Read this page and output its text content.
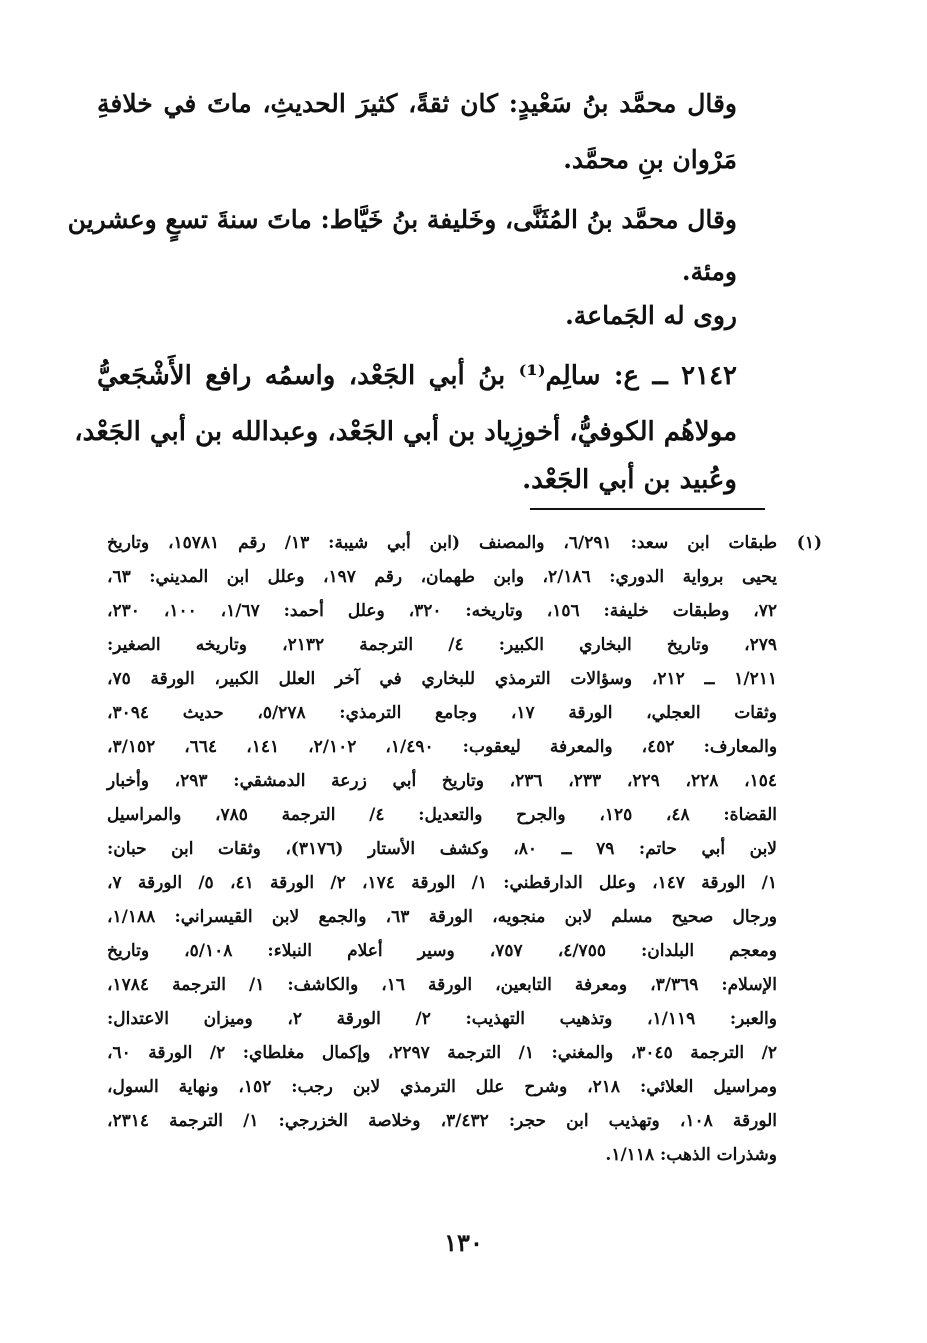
وقال محمَّد بنُ سَعْيدٍ: كان ثقةً، كثيرَ الحديثِ، ماتَ في خلافةِ
مَرْوان بنِ محمَّد.
وقال محمَّد بنُ المُثَنَّى، وخَليفة بنُ خَيَّاط: ماتَ سنةَ تسعٍ وعشرين
ومئة.
روى له الجَماعة.
٢١٤٢ ــ ع: سالِم⁽¹⁾ بنُ أبي الجَعْد، واسمُه رافع الأَشْجَعيُّ
مولاهُم الكوفيُّ، أخوزِياد بن أبي الجَعْد، وعبدالله بن أبي الجَعْد،
وعُبيد بن أبي الجَعْد.
(١)
طبقات ابن سعد: ٦/٢٩١، والمصنف (ابن أبي شيبة: ١٣/ رقم ١٥٧٨١، وتاريخ
يحيى برواية الدوري: ٢/١٨٦، وابن طهمان، رقم ١٩٧، وعلل ابن المديني: ٦٣،
٧٢، وطبقات خليفة: ١٥٦، وتاريخه: ٣٢٠، وعلل أحمد: ١/٦٧، ١٠٠، ٢٣٠،
٢٧٩، وتاريخ البخاري الكبير: ٤/ الترجمة ٢١٣٢، وتاريخه الصغير:
١/٢١١ ــ ٢١٢، وسؤالات الترمذي للبخاري في آخر العلل الكبير، الورقة ٧٥،
وثقات العجلي، الورقة ١٧، وجامع الترمذي: ٥/٢٧٨، حديث ٣٠٩٤،
والمعارف: ٤٥٢، والمعرفة ليعقوب: ١/٤٩٠، ٢/١٠٢، ١٤١، ٦٦٤، ٣/١٥٢،
١٥٤، ٢٢٨، ٢٢٩، ٢٣٣، ٢٣٦، وتاريخ أبي زرعة الدمشقي: ٢٩٣، وأخبار
القضاة: ٤٨، ١٢٥، والجرح والتعديل: ٤/ الترجمة ٧٨٥، والمراسيل
لابن أبي حاتم: ٧٩ ــ ٨٠، وكشف الأستار (٣١٧٦)، وثقات ابن حبان:
١/ الورقة ١٤٧، وعلل الدارقطني: ١/ الورقة ١٧٤، ٢/ الورقة ٤١، ٥/ الورقة ٧،
ورجال صحيح مسلم لابن منجويه، الورقة ٦٣، والجمع لابن القيسراني: ١/١٨٨،
ومعجم البلدان: ٤/٧٥٥، ٧٥٧، وسير أعلام النبلاء: ٥/١٠٨، وتاريخ
الإسلام: ٣/٣٦٩، ومعرفة التابعين، الورقة ١٦، والكاشف: ١/ الترجمة ١٧٨٤،
والعبر: ١/١١٩، وتذهيب التهذيب: ٢/ الورقة ٢، وميزان الاعتدال:
٢/ الترجمة ٣٠٤٥، والمغني: ١/ الترجمة ٢٢٩٧، وإكمال مغلطاي: ٢/ الورقة ٦٠،
ومراسيل العلائي: ٢١٨، وشرح علل الترمذي لابن رجب: ١٥٢، ونهاية السول،
الورقة ١٠٨، وتهذيب ابن حجر: ٣/٤٣٢، وخلاصة الخزرجي: ١/ الترجمة ٢٣١٤،
وشذرات الذهب: ١/١١٨.
١٣٠
